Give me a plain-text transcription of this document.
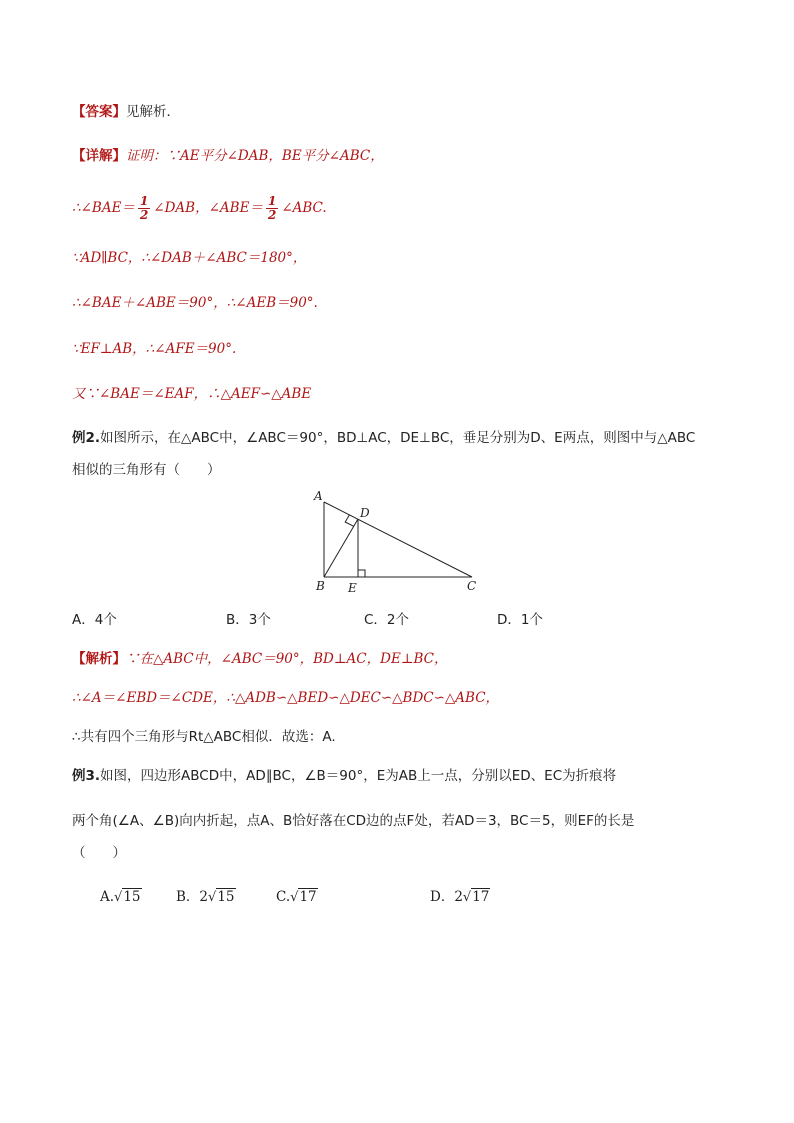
【答案】见解析．
【详解】证明：∵AE平分∠DAB，BE平分∠ABC，
∴∠BAE＝ $\frac{1}{2}$ ∠DAB，∠ABE＝ $\frac{1}{2}$ ∠ABC.
∵AD∥BC，∴∠DAB＋∠ABC＝180°，
∴∠BAE＋∠ABE＝90°，∴∠AEB＝90°.
∵EF⊥AB，∴∠AFE＝90°.
又∵∠BAE＝∠EAF，∴△AEF∽△ABE
例2.如图所示，在△ABC中，∠ABC＝90°，BD⊥AC，DE⊥BC，垂足分别为D、E两点，则图中与△ABC
相似的三角形有（　　）
A
D
B E	C
A．4个	B．3个	C．2个	D．1个
【解析】∵在△ABC中，∠ABC＝90°，BD⊥AC，DE⊥BC，
∴∠A＝∠EBD＝∠CDE，∴△ADB∽△BED∽△DEC∽△BDC∽△ABC，
∴共有四个三角形与Rt△ABC相似．故选：A.
例3.如图，四边形ABCD中，AD∥BC，∠B＝90°，E为AB上一点，分别以ED、EC为折痕将
两个角(∠A、∠B)向内折起，点A、B恰好落在CD边的点F处，若AD＝3，BC＝5，则EF的长是
（　　）
A.√15	B．2√15	C.√17	D．2√17
